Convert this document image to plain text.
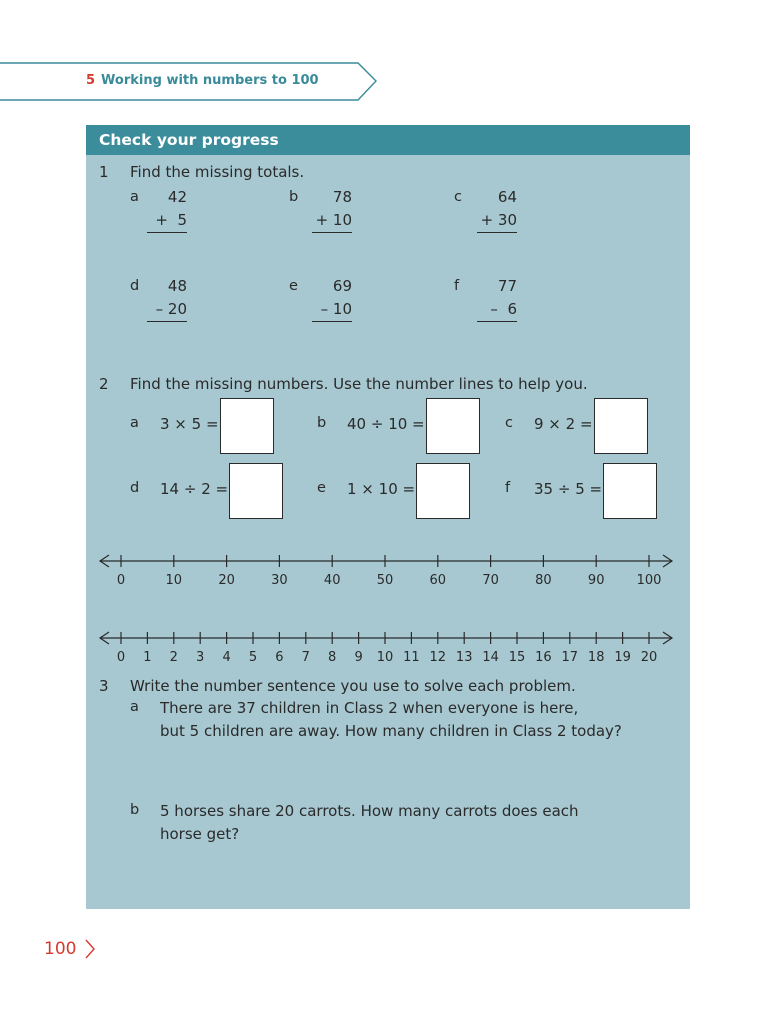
5 Working with numbers to 100
Check your progress
1 Find the missing totals.
a	42
+  5
b	78
+ 10
c	64
+ 30
d	48
– 20
e	69
– 10
f	77
–  6
2 Find the missing numbers. Use the number lines to help you.
a 3 × 5 =	b 40 ÷ 10 =	c 9 × 2 =
d 14 ÷ 2 =	e 1 × 10 =	f 35 ÷ 5 =
0	10	20	30	40	50	60	70	80	90 100
0 1 2 3 4 5 6 7 8 9 10 11 12 13 14 15 16 17 18 19 20
3 Write the number sentence you use to solve each problem.
a There are 37 children in Class 2 when everyone is here,
but 5 children are away. How many children in Class 2 today?
b 5 horses share 20 carrots. How many carrots does each
horse get?
100
